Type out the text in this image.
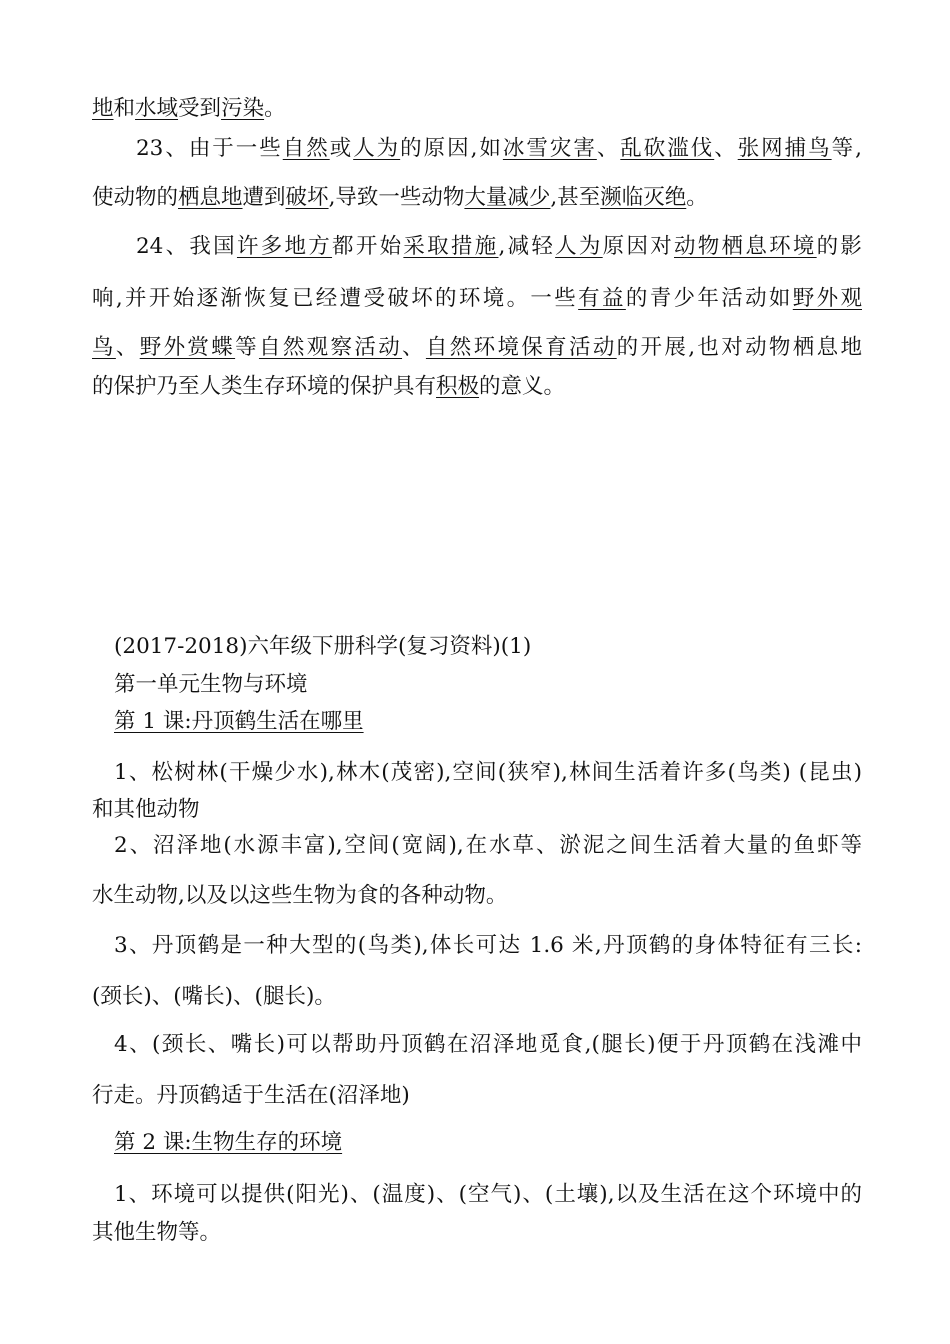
地和水域受到污染。
23、由于一些自然或人为的原因,如冰雪灾害、乱砍滥伐、张网捕鸟等,
使动物的栖息地遭到破坏,导致一些动物大量减少,甚至濒临灭绝。
24、我国许多地方都开始采取措施,减轻人为原因对动物栖息环境的影
响,并开始逐渐恢复已经遭受破坏的环境。一些有益的青少年活动如野外观
鸟、野外赏蝶等自然观察活动、自然环境保育活动的开展,也对动物栖息地
的保护乃至人类生存环境的保护具有积极的意义。
(2017-2018)六年级下册科学(复习资料)(1)
第一单元生物与环境
第 1 课:丹顶鹤生活在哪里
1、松树林(干燥少水),林木(茂密),空间(狭窄),林间生活着许多(鸟类) (昆虫)
和其他动物
2、沼泽地(水源丰富),空间(宽阔),在水草、淤泥之间生活着大量的鱼虾等
水生动物,以及以这些生物为食的各种动物。
3、丹顶鹤是一种大型的(鸟类),体长可达 1.6 米,丹顶鹤的身体特征有三长:
(颈长)、(嘴长)、(腿长)。
4、(颈长、嘴长)可以帮助丹顶鹤在沼泽地觅食,(腿长)便于丹顶鹤在浅滩中
行走。丹顶鹤适于生活在(沼泽地)
第 2 课:生物生存的环境
1、环境可以提供(阳光)、(温度)、(空气)、(土壤),以及生活在这个环境中的
其他生物等。
